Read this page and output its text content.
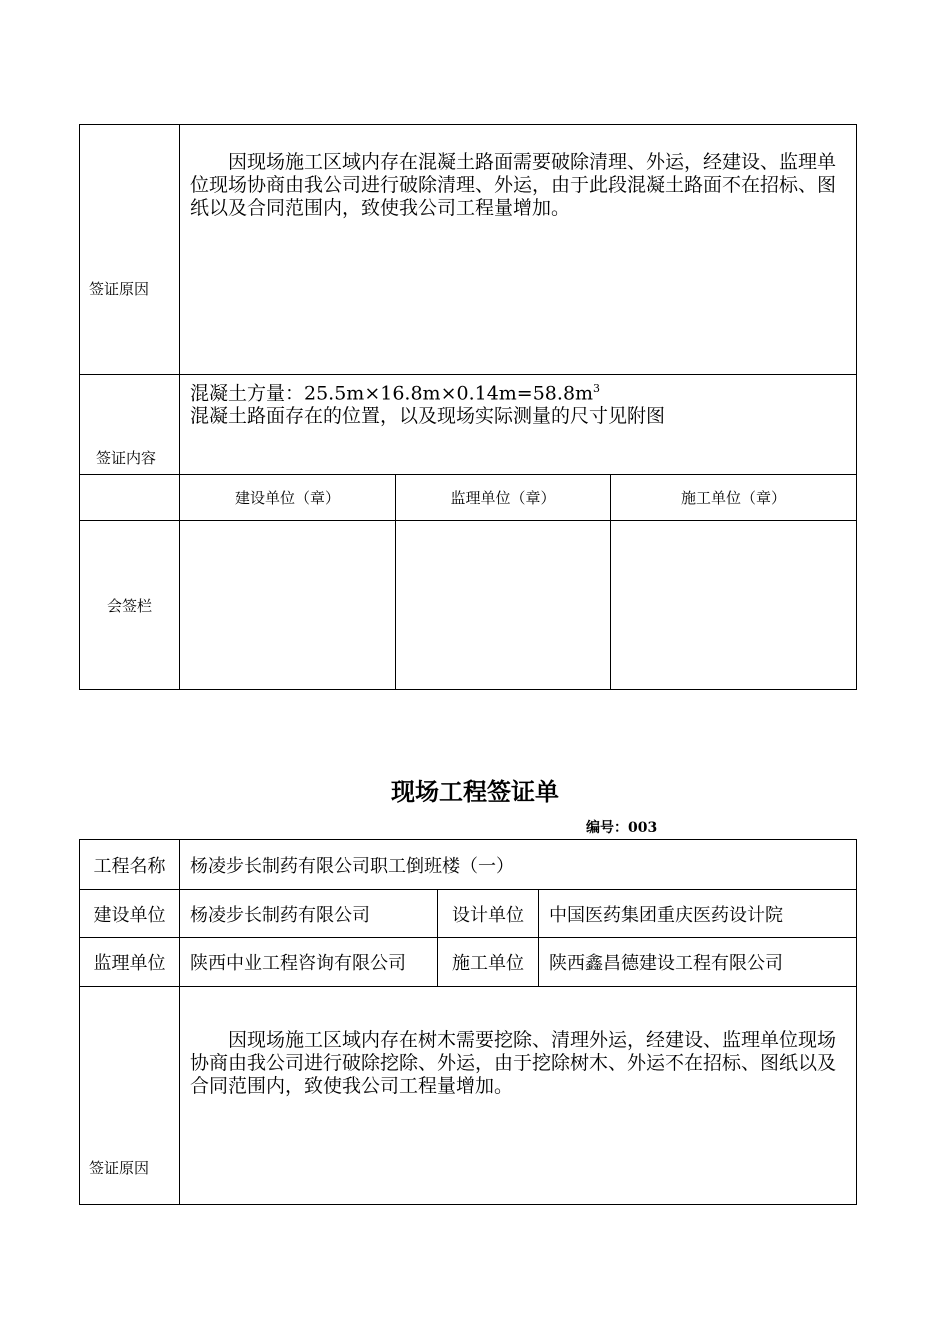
签证原因	因现场施工区域内存在混凝土路面需要破除清理、外运，经建设、监理单位现场协商由我公司进行破除清理、外运，由于此段混凝土路面不在招标、图纸以及合同范围内，致使我公司工程量增加。		

签证内容	混凝土方量：$25.5m\times 16.8m\times 0.14m=58.8m^3$
混凝土路面存在的位置，以及现场实际测量的尺寸见附图		

	建设单位（章）	监理单位（章）	施工单位（章）
会签栏			
现场工程签证单
编号：003
工程名称	杨凌步长制药有限公司职工倒班楼（一）		
建设单位	杨凌步长制药有限公司	设计单位	中国医药集团重庆医药设计院
监理单位	陕西中业工程咨询有限公司	施工单位	陕西鑫昌德建设工程有限公司

签证原因	因现场施工区域内存在树木需要挖除、清理外运，经建设、监理单位现场协商由我公司进行破除挖除、外运，由于挖除树木、外运不在招标、图纸以及合同范围内，致使我公司工程量增加。		
